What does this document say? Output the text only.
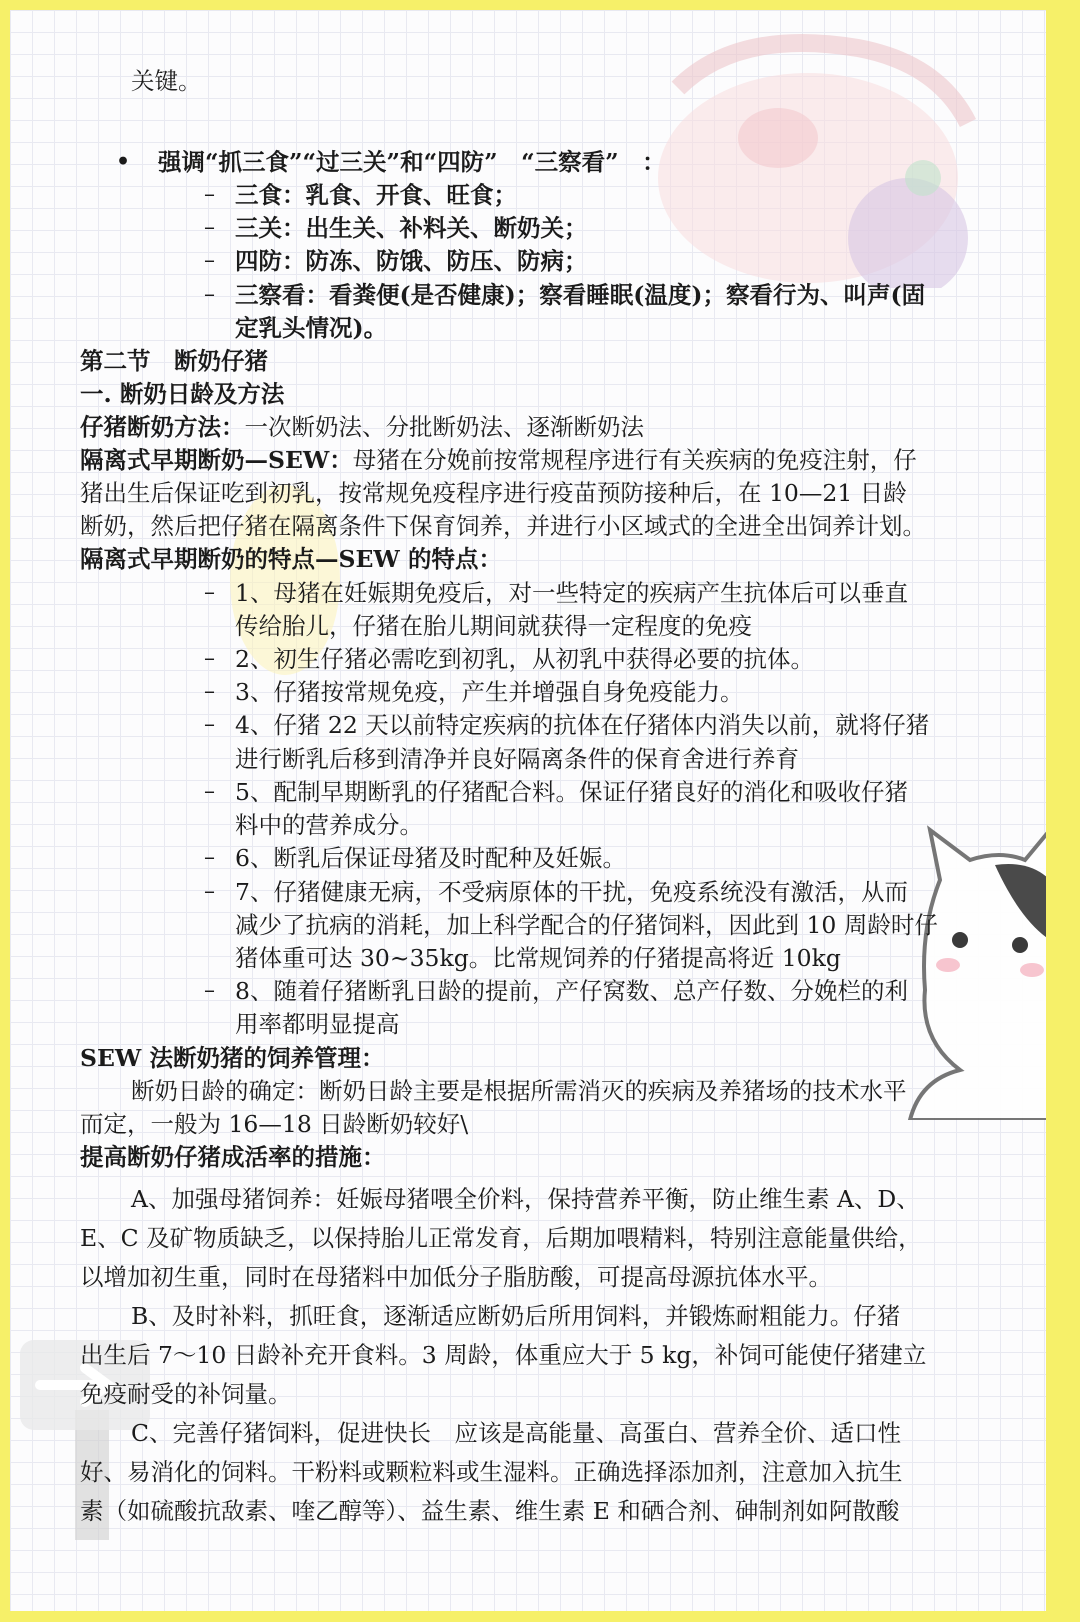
关键。
• 强调“抓三食”“过三关”和“四防”　“三察看”　：
– 三食：乳食、开食、旺食；
– 三关：出生关、补料关、断奶关；
– 四防：防冻、防饿、防压、防病；
– 三察看：看粪便(是否健康)；察看睡眠(温度)；察看行为、叫声(固
定乳头情况)。
第二节　断奶仔猪
一. 断奶日龄及方法
仔猪断奶方法：一次断奶法、分批断奶法、逐渐断奶法
隔离式早期断奶—SEW：母猪在分娩前按常规程序进行有关疾病的免疫注射，仔
猪出生后保证吃到初乳，按常规免疫程序进行疫苗预防接种后，在 10—21 日龄
断奶，然后把仔猪在隔离条件下保育饲养，并进行小区域式的全进全出饲养计划。
隔离式早期断奶的特点—SEW 的特点：
– 1、母猪在妊娠期免疫后，对一些特定的疾病产生抗体后可以垂直
传给胎儿，仔猪在胎儿期间就获得一定程度的免疫
– 2、初生仔猪必需吃到初乳，从初乳中获得必要的抗体。
– 3、仔猪按常规免疫，产生并增强自身免疫能力。
– 4、仔猪 22 天以前特定疾病的抗体在仔猪体内消失以前，就将仔猪
进行断乳后移到清净并良好隔离条件的保育舍进行养育
– 5、配制早期断乳的仔猪配合料。保证仔猪良好的消化和吸收仔猪
料中的营养成分。
– 6、断乳后保证母猪及时配种及妊娠。
– 7、仔猪健康无病，不受病原体的干扰，免疫系统没有激活，从而
减少了抗病的消耗，加上科学配合的仔猪饲料，因此到 10 周龄时仔
猪体重可达 30~35kg。比常规饲养的仔猪提高将近 10kg
– 8、随着仔猪断乳日龄的提前，产仔窝数、总产仔数、分娩栏的利
用率都明显提高
SEW 法断奶猪的饲养管理：
断奶日龄的确定：断奶日龄主要是根据所需消灭的疾病及养猪场的技术水平
而定，一般为 16—18 日龄断奶较好\
提高断奶仔猪成活率的措施：
A、加强母猪饲养：妊娠母猪喂全价料，保持营养平衡，防止维生素 A、D、
E、C 及矿物质缺乏，以保持胎儿正常发育，后期加喂精料，特别注意能量供给，
以增加初生重，同时在母猪料中加低分子脂肪酸，可提高母源抗体水平。
B、及时补料，抓旺食，逐渐适应断奶后所用饲料，并锻炼耐粗能力。仔猪
出生后 7～10 日龄补充开食料。3 周龄，体重应大于 5 kg，补饲可能使仔猪建立
免疫耐受的补饲量。
C、完善仔猪饲料，促进快长　应该是高能量、高蛋白、营养全价、适口性
好、易消化的饲料。干粉料或颗粒料或生湿料。正确选择添加剂，注意加入抗生
素（如硫酸抗敌素、喹乙醇等）、益生素、维生素 E 和硒合剂、砷制剂如阿散酸
